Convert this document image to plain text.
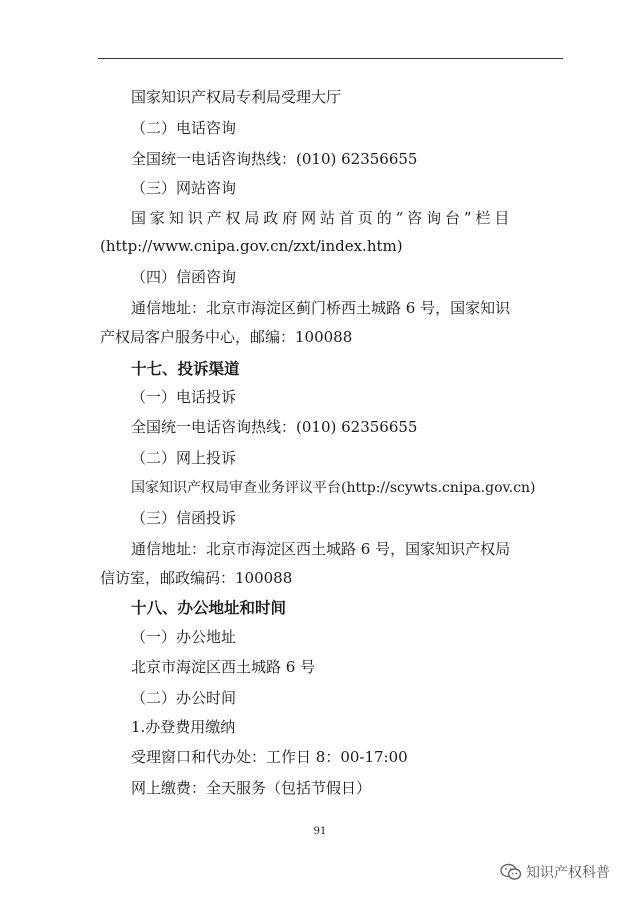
国家知识产权局专利局受理大厅
（二）电话咨询
全国统一电话咨询热线：(010) 62356655
（三）网站咨询
国家知识产权局政府网站首页的“咨询台”栏目
(http://www.cnipa.gov.cn/zxt/index.htm)
（四）信函咨询
通信地址：北京市海淀区蓟门桥西土城路 6 号，国家知识
产权局客户服务中心，邮编：100088
十七、投诉渠道
（一）电话投诉
全国统一电话咨询热线：(010) 62356655
（二）网上投诉
国家知识产权局审查业务评议平台(http://scywts.cnipa.gov.cn)
（三）信函投诉
通信地址：北京市海淀区西土城路 6 号，国家知识产权局
信访室，邮政编码：100088
十八、办公地址和时间
（一）办公地址
北京市海淀区西土城路 6 号
（二）办公时间
1.办登费用缴纳
受理窗口和代办处：工作日 8：00-17:00
网上缴费：全天服务（包括节假日）
91
知识产权科普
